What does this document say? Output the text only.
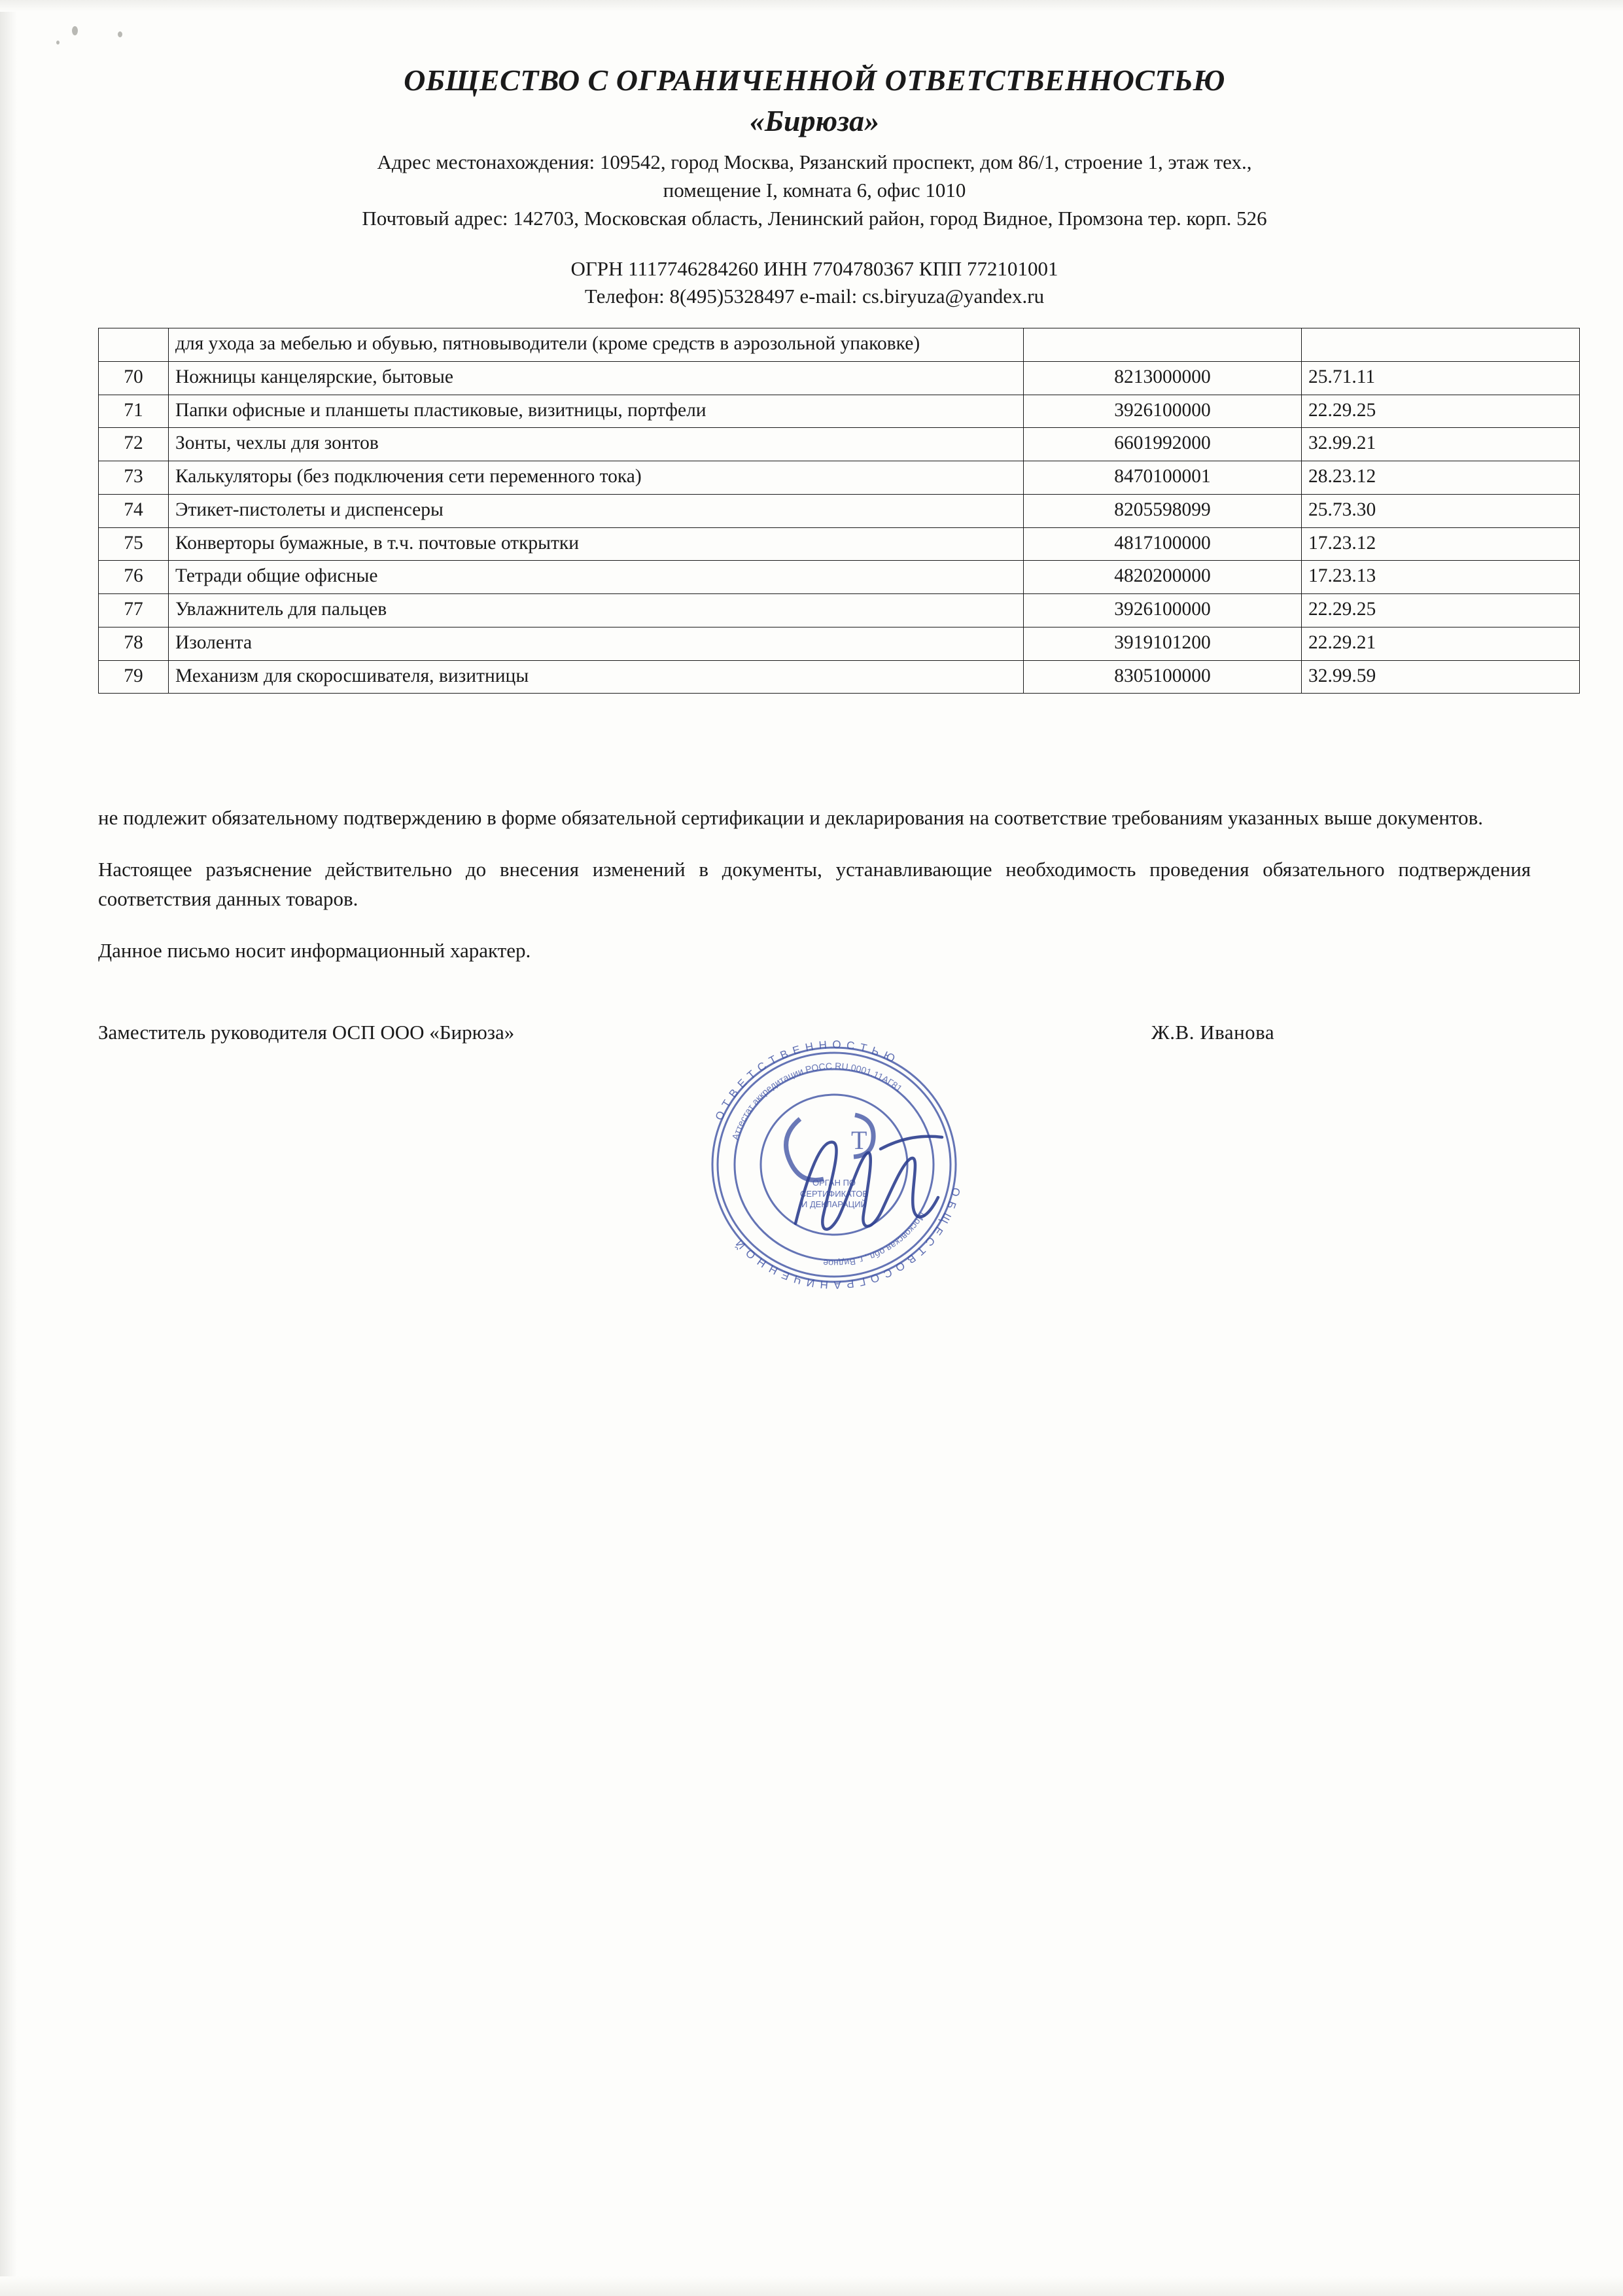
ОБЩЕСТВО С ОГРАНИЧЕННОЙ ОТВЕТСТВЕННОСТЬЮ
«Бирюза»
Адрес местонахождения: 109542, город Москва, Рязанский проспект, дом 86/1, строение 1, этаж тех.,
помещение I, комната 6, офис 1010
Почтовый адрес: 142703, Московская область, Ленинский район, город Видное, Промзона тер. корп. 526
ОГРН 1117746284260 ИНН 7704780367 КПП 772101001
Телефон: 8(495)5328497 e-mail: cs.biryuza@yandex.ru
	для ухода за мебелью и обувью, пятновыводители (кроме средств в аэрозольной упаковке)		
70	Ножницы канцелярские, бытовые	8213000000	25.71.11
71	Папки офисные и планшеты пластиковые, визитницы, портфели	3926100000	22.29.25
72	Зонты, чехлы для зонтов	6601992000	32.99.21
73	Калькуляторы (без подключения сети переменного тока)	8470100001	28.23.12
74	Этикет-пистолеты и диспенсеры	8205598099	25.73.30
75	Конверторы бумажные, в т.ч. почтовые открытки	4817100000	17.23.12
76	Тетради общие офисные	4820200000	17.23.13
77	Увлажнитель для пальцев	3926100000	22.29.25
78	Изолента	3919101200	22.29.21
79	Механизм для скоросшивателя, визитницы	8305100000	32.99.59

не подлежит обязательному подтверждению в форме обязательной сертификации и декларирования на соответствие требованиям указанных выше документов.

Настоящее разъяснение действительно до внесения изменений в документы, устанавливающие необходимость проведения обязательного подтверждения соответствия данных товаров.

Данное письмо носит информационный характер.

Заместитель руководителя ОСП ООО «Бирюза»	Ж.В. Иванова
О Б Щ Е С Т В О С О Г Р А Н И Ч Е Н Н О Й
О Т В Е Т С Т В Е Н Н О С Т Ь Ю
Аттестат аккредитации РОСС RU.0001.11АГ81
Московская обл., г. Видное
ОРГАН ПО
СЕРТИФИКАТОВ
И ДЕКЛАРАЦИЙ
Т
